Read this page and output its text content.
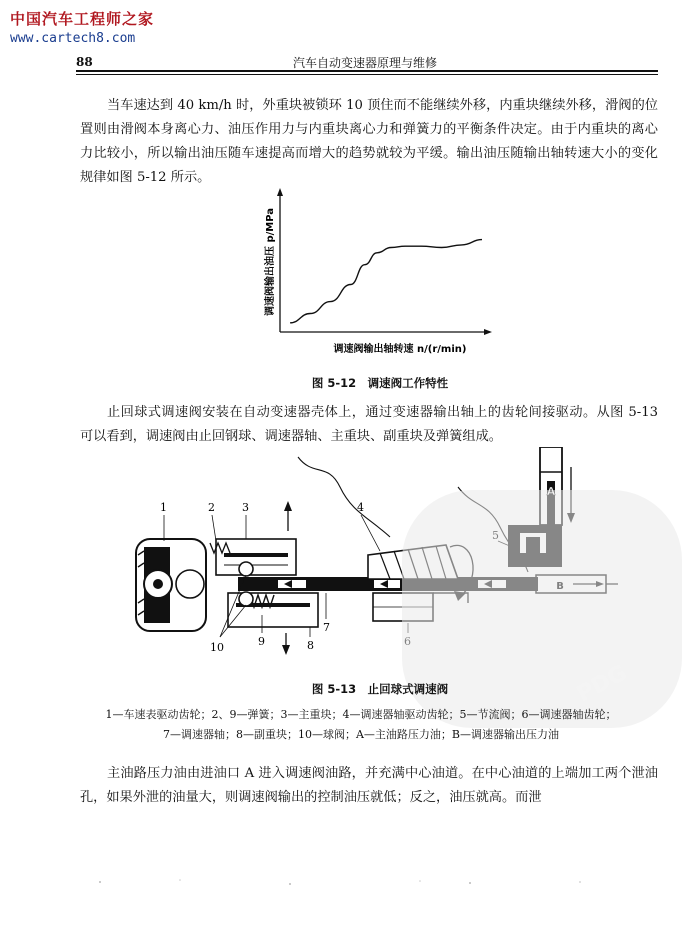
中国汽车工程师之家
www.cartech8.com
88	汽车自动变速器原理与维修
当车速达到 40 km/h 时，外重块被锁环 10 顶住而不能继续外移，内重块继续外移，滑阀的位置则由滑阀本身离心力、油压作用力与内重块离心力和弹簧力的平衡条件决定。由于内重块的离心力比较小，所以输出油压随车速提高而增大的趋势就较为平缓。输出油压随输出轴转速大小的变化规律如图 5-12 所示。
调速阀输出油压 p/MPa
调速阀输出轴转速 n/(r/min)
图 5-12　调速阀工作特性
止回球式调速阀安装在自动变速器壳体上，通过变速器输出轴上的齿轮间接驱动。从图 5-13 可以看到，调速阀由止回钢球、调速器轴、主重块、副重块及弹簧组成。
1	2 3	4
7
8
9
10
PDG
图 5-13　止回球式调速阀
1—车速表驱动齿轮；2、9—弹簧；3—主重块；4—调速器轴驱动齿轮；5—节流阀；6—调速器轴齿轮；
7—调速器轴；8—副重块；10—球阀；A—主油路压力油；B—调速器输出压力油
主油路压力油由进油口 A 进入调速阀油路，并充满中心油道。在中心油道的上端加工两个泄油孔，如果外泄的油量大，则调速阀输出的控制油压就低；反之，油压就高。而泄
